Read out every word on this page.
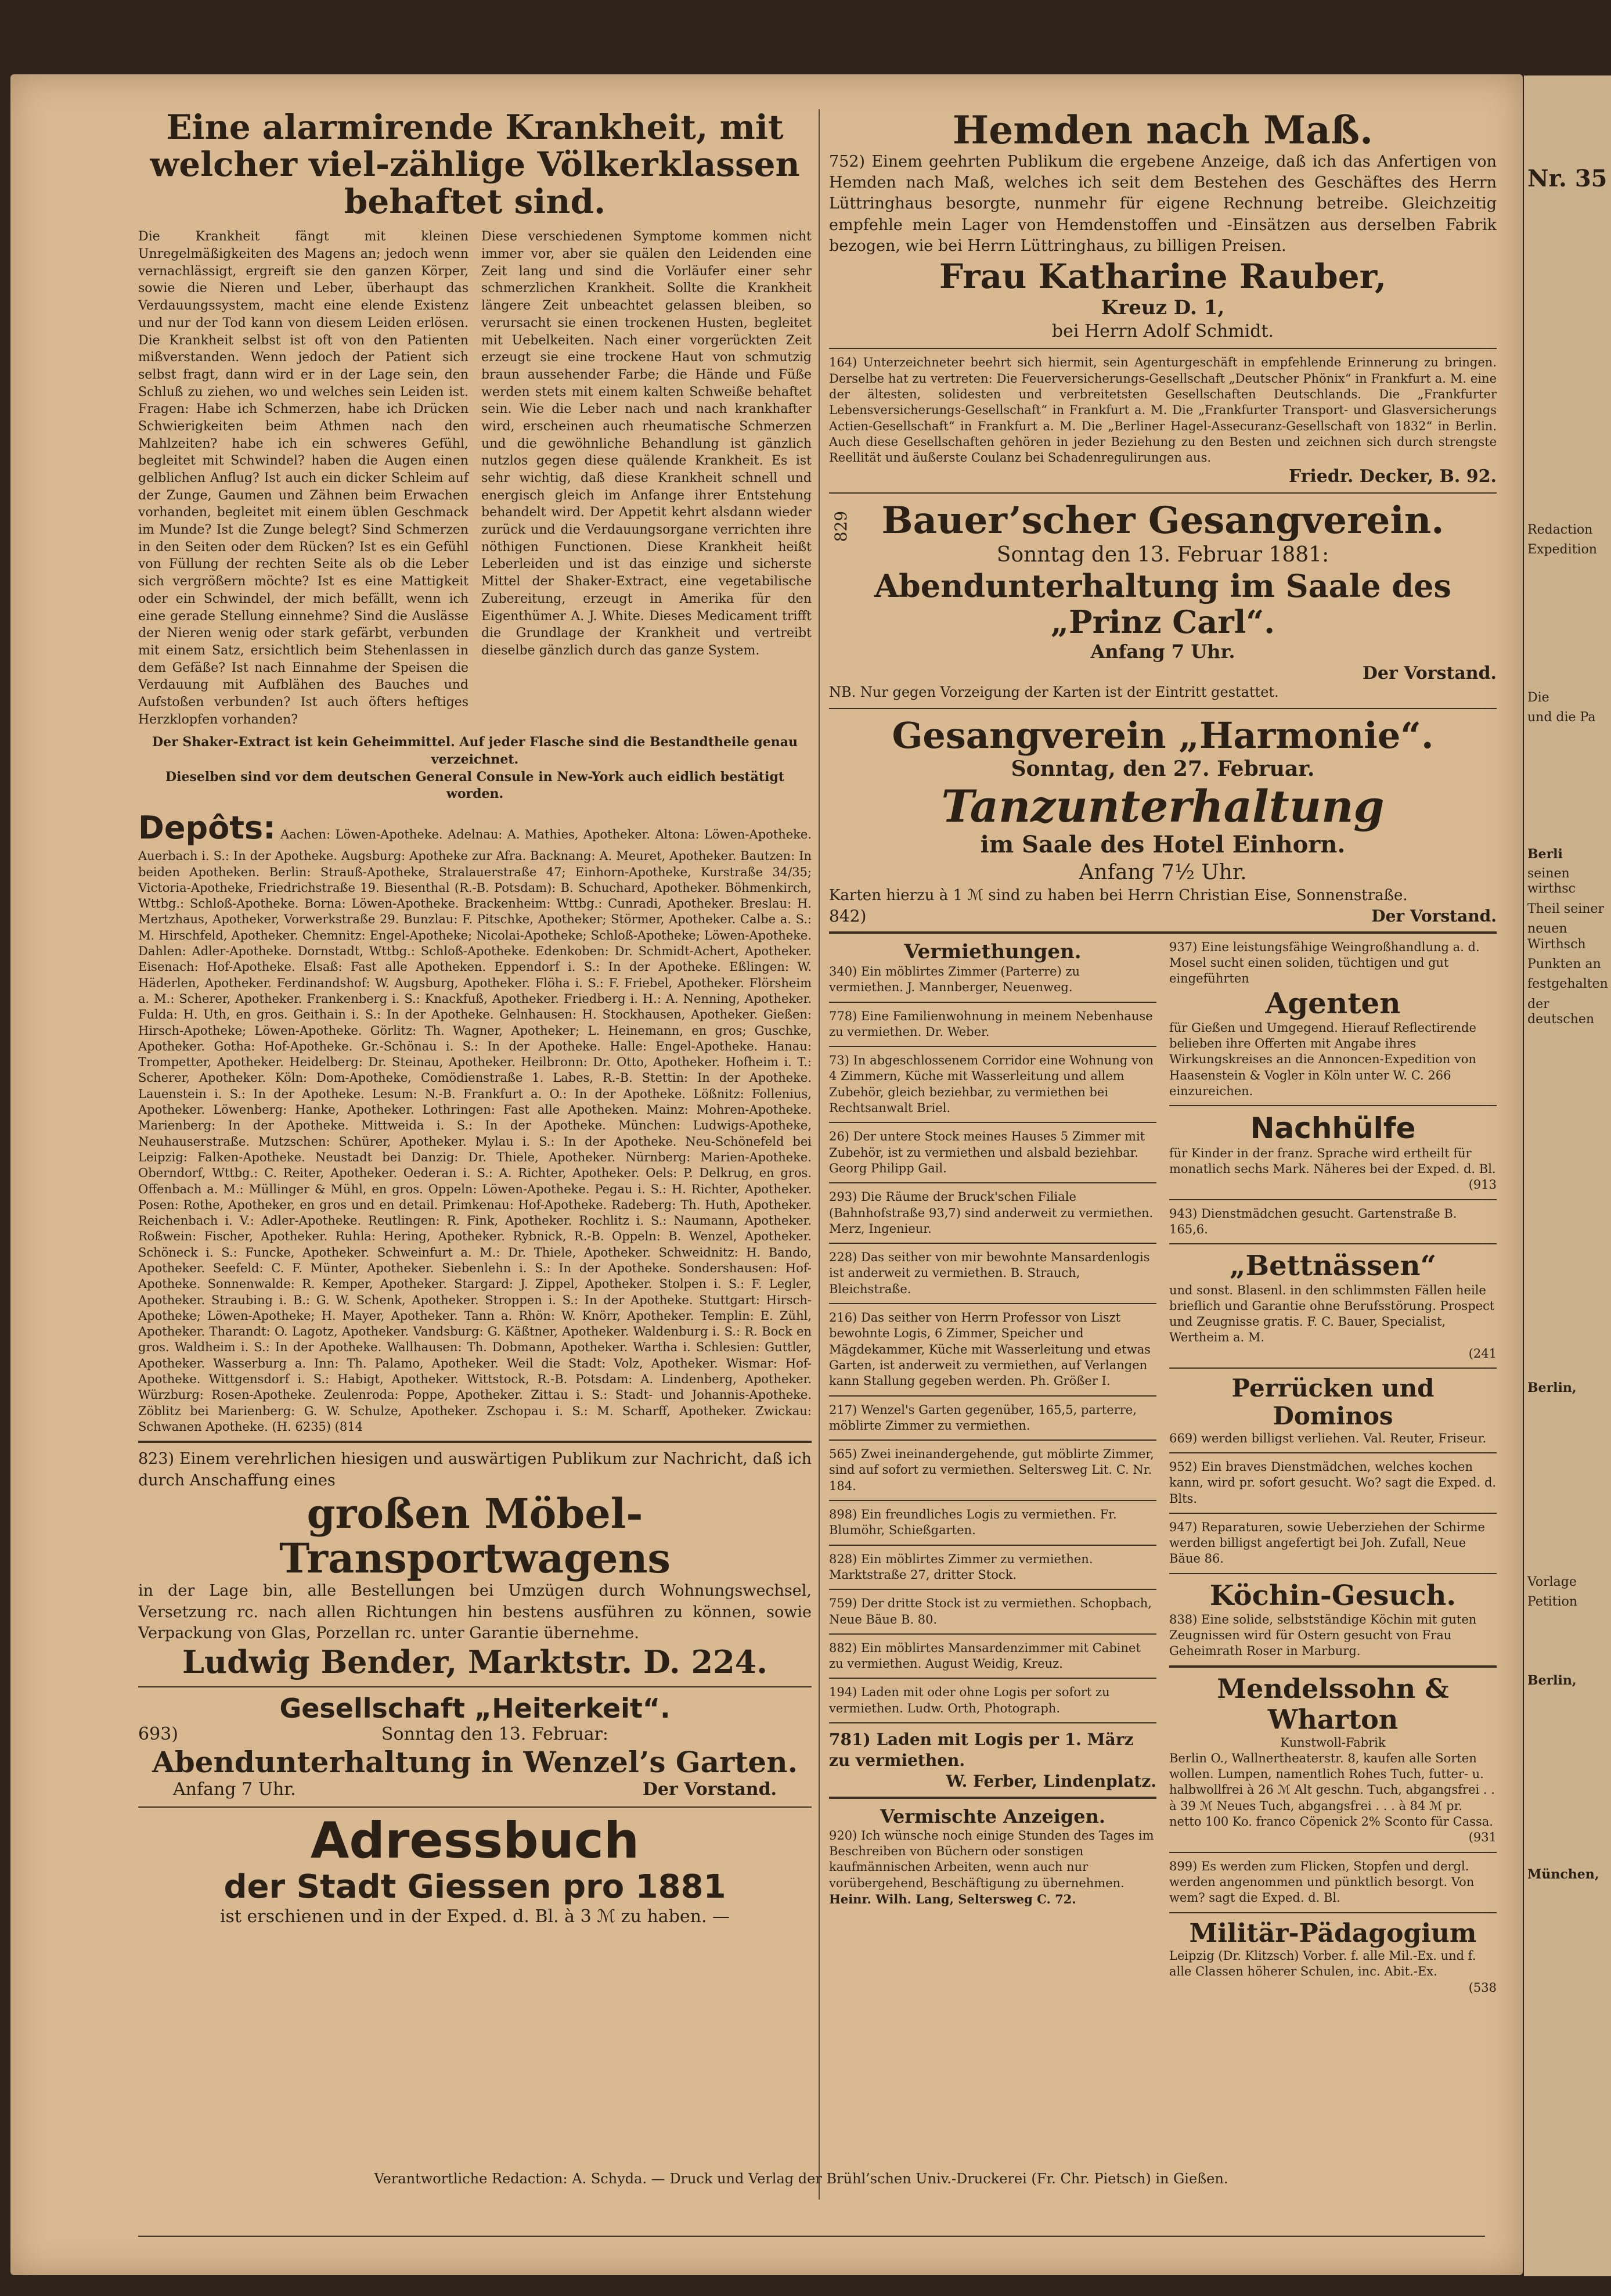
Eine alarmirende Krankheit, mit welcher viel-zählige Völkerklassen behaftet sind.
Die Krankheit fängt mit kleinen Unregelmäßigkeiten des Magens an; jedoch wenn vernachlässigt, ergreift sie den ganzen Körper, sowie die Nieren und Leber, überhaupt das Verdauungssystem, macht eine elende Existenz und nur der Tod kann von diesem Leiden erlösen. Die Krankheit selbst ist oft von den Patienten mißverstanden. Wenn jedoch der Patient sich selbst fragt, dann wird er in der Lage sein, den Schluß zu ziehen, wo und welches sein Leiden ist. Fragen: Habe ich Schmerzen, habe ich Drücken Schwierigkeiten beim Athmen nach den Mahlzeiten? habe ich ein schweres Gefühl, begleitet mit Schwindel? haben die Augen einen gelblichen Anflug? Ist auch ein dicker Schleim auf der Zunge, Gaumen und Zähnen beim Erwachen vorhanden, begleitet mit einem üblen Geschmack im Munde? Ist die Zunge belegt? Sind Schmerzen in den Seiten oder dem Rücken? Ist es ein Gefühl von Füllung der rechten Seite als ob die Leber sich vergrößern möchte? Ist es eine Mattigkeit oder ein Schwindel, der mich befällt, wenn ich eine gerade Stellung einnehme? Sind die Auslässe der Nieren wenig oder stark gefärbt, verbunden mit einem Satz, ersichtlich beim Stehenlassen in dem Gefäße? Ist nach Einnahme der Speisen die Verdauung mit Aufblähen des Bauches und Aufstoßen verbunden? Ist auch öfters heftiges Herzklopfen vorhanden?
Diese verschiedenen Symptome kommen nicht immer vor, aber sie quälen den Leidenden eine Zeit lang und sind die Vorläufer einer sehr schmerzlichen Krankheit. Sollte die Krankheit längere Zeit unbeachtet gelassen bleiben, so verursacht sie einen trockenen Husten, begleitet mit Uebelkeiten. Nach einer vorgerückten Zeit erzeugt sie eine trockene Haut von schmutzig braun aussehender Farbe; die Hände und Füße werden stets mit einem kalten Schweiße behaftet sein. Wie die Leber nach und nach krankhafter wird, erscheinen auch rheumatische Schmerzen und die gewöhnliche Behandlung ist gänzlich nutzlos gegen diese quälende Krankheit. Es ist sehr wichtig, daß diese Krankheit schnell und energisch gleich im Anfange ihrer Entstehung behandelt wird. Der Appetit kehrt alsdann wieder zurück und die Verdauungsorgane verrichten ihre nöthigen Functionen. Diese Krankheit heißt Leberleiden und ist das einzige und sicherste Mittel der Shaker-Extract, eine vegetabilische Zubereitung, erzeugt in Amerika für den Eigenthümer A. J. White. Dieses Medicament trifft die Grundlage der Krankheit und vertreibt dieselbe gänzlich durch das ganze System.
Der Shaker-Extract ist kein Geheimmittel. Auf jeder Flasche sind die Bestandtheile genau verzeichnet.
Dieselben sind vor dem deutschen General Consule in New-York auch eidlich bestätigt worden.
Depôts: Aachen: Löwen-Apotheke. Adelnau: A. Mathies, Apotheker. Altona: Löwen-Apotheke. Auerbach i. S.: In der Apotheke. Augsburg: Apotheke zur Afra. Backnang: A. Meuret, Apotheker. Bautzen: In beiden Apotheken. Berlin: Strauß-Apotheke, Stralauerstraße 47; Einhorn-Apotheke, Kurstraße 34/35; Victoria-Apotheke, Friedrichstraße 19. Biesenthal (R.-B. Potsdam): B. Schuchard, Apotheker. Böhmenkirch, Wttbg.: Schloß-Apotheke. Borna: Löwen-Apotheke. Brackenheim: Wttbg.: Cunradi, Apotheker. Breslau: H. Mertzhaus, Apotheker, Vorwerkstraße 29. Bunzlau: F. Pitschke, Apotheker; Störmer, Apotheker. Calbe a. S.: M. Hirschfeld, Apotheker. Chemnitz: Engel-Apotheke; Nicolai-Apotheke; Schloß-Apotheke; Löwen-Apotheke. Dahlen: Adler-Apotheke. Dornstadt, Wttbg.: Schloß-Apotheke. Edenkoben: Dr. Schmidt-Achert, Apotheker. Eisenach: Hof-Apotheke. Elsaß: Fast alle Apotheken. Eppendorf i. S.: In der Apotheke. Eßlingen: W. Häderlen, Apotheker. Ferdinandshof: W. Augsburg, Apotheker. Flöha i. S.: F. Friebel, Apotheker. Flörsheim a. M.: Scherer, Apotheker. Frankenberg i. S.: Knackfuß, Apotheker. Friedberg i. H.: A. Nenning, Apotheker. Fulda: H. Uth, en gros. Geithain i. S.: In der Apotheke. Gelnhausen: H. Stockhausen, Apotheker. Gießen: Hirsch-Apotheke; Löwen-Apotheke. Görlitz: Th. Wagner, Apotheker; L. Heinemann, en gros; Guschke, Apotheker. Gotha: Hof-Apotheke. Gr.-Schönau i. S.: In der Apotheke. Halle: Engel-Apotheke. Hanau: Trompetter, Apotheker. Heidelberg: Dr. Steinau, Apotheker. Heilbronn: Dr. Otto, Apotheker. Hofheim i. T.: Scherer, Apotheker. Köln: Dom-Apotheke, Comödienstraße 1. Labes, R.-B. Stettin: In der Apotheke. Lauenstein i. S.: In der Apotheke. Lesum: N.-B. Frankfurt a. O.: In der Apotheke. Lößnitz: Follenius, Apotheker. Löwenberg: Hanke, Apotheker. Lothringen: Fast alle Apotheken. Mainz: Mohren-Apotheke. Marienberg: In der Apotheke. Mittweida i. S.: In der Apotheke. München: Ludwigs-Apotheke, Neuhauserstraße. Mutzschen: Schürer, Apotheker. Mylau i. S.: In der Apotheke. Neu-Schönefeld bei Leipzig: Falken-Apotheke. Neustadt bei Danzig: Dr. Thiele, Apotheker. Nürnberg: Marien-Apotheke. Oberndorf, Wttbg.: C. Reiter, Apotheker. Oederan i. S.: A. Richter, Apotheker. Oels: P. Delkrug, en gros. Offenbach a. M.: Müllinger & Mühl, en gros. Oppeln: Löwen-Apotheke. Pegau i. S.: H. Richter, Apotheker. Posen: Rothe, Apotheker, en gros und en detail. Primkenau: Hof-Apotheke. Radeberg: Th. Huth, Apotheker. Reichenbach i. V.: Adler-Apotheke. Reutlingen: R. Fink, Apotheker. Rochlitz i. S.: Naumann, Apotheker. Roßwein: Fischer, Apotheker. Ruhla: Hering, Apotheker. Rybnick, R.-B. Oppeln: B. Wenzel, Apotheker. Schöneck i. S.: Funcke, Apotheker. Schweinfurt a. M.: Dr. Thiele, Apotheker. Schweidnitz: H. Bando, Apotheker. Seefeld: C. F. Münter, Apotheker. Siebenlehn i. S.: In der Apotheke. Sondershausen: Hof-Apotheke. Sonnenwalde: R. Kemper, Apotheker. Stargard: J. Zippel, Apotheker. Stolpen i. S.: F. Legler, Apotheker. Straubing i. B.: G. W. Schenk, Apotheker. Stroppen i. S.: In der Apotheke. Stuttgart: Hirsch-Apotheke; Löwen-Apotheke; H. Mayer, Apotheker. Tann a. Rhön: W. Knörr, Apotheker. Templin: E. Zühl, Apotheker. Tharandt: O. Lagotz, Apotheker. Vandsburg: G. Käßtner, Apotheker. Waldenburg i. S.: R. Bock en gros. Waldheim i. S.: In der Apotheke. Wallhausen: Th. Dobmann, Apotheker. Wartha i. Schlesien: Guttler, Apotheker. Wasserburg a. Inn: Th. Palamo, Apotheker. Weil die Stadt: Volz, Apotheker. Wismar: Hof-Apotheke. Wittgensdorf i. S.: Habigt, Apotheker. Wittstock, R.-B. Potsdam: A. Lindenberg, Apotheker. Würzburg: Rosen-Apotheke. Zeulenroda: Poppe, Apotheker. Zittau i. S.: Stadt- und Johannis-Apotheke. Zöblitz bei Marienberg: G. W. Schulze, Apotheker. Zschopau i. S.: M. Scharff, Apotheker. Zwickau: Schwanen Apotheke. (H. 6235) (814
823) Einem verehrlichen hiesigen und auswärtigen Publikum zur Nachricht, daß ich durch Anschaffung eines
großen Möbel-Transportwagens
in der Lage bin, alle Bestellungen bei Umzügen durch Wohnungswechsel, Versetzung rc. nach allen Richtungen hin bestens ausführen zu können, sowie Verpackung von Glas, Porzellan rc. unter Garantie übernehme.
Ludwig Bender, Marktstr. D. 224.
Gesellschaft „Heiterkeit“.
693)	Sonntag den 13. Februar:
Abendunterhaltung in Wenzel’s Garten.
Anfang 7 Uhr.	Der Vorstand.
Adressbuch
der Stadt Giessen pro 1881
ist erschienen und in der Exped. d. Bl. à 3 ℳ zu haben. —
Hemden nach Maß.
752) Einem geehrten Publikum die ergebene Anzeige, daß ich das Anfertigen von Hemden nach Maß, welches ich seit dem Bestehen des Geschäftes des Herrn Lüttringhaus besorgte, nunmehr für eigene Rechnung betreibe. Gleichzeitig empfehle mein Lager von Hemdenstoffen und -Einsätzen aus derselben Fabrik bezogen, wie bei Herrn Lüttringhaus, zu billigen Preisen.
Frau Katharine Rauber,
Kreuz D. 1,
bei Herrn Adolf Schmidt.
164) Unterzeichneter beehrt sich hiermit, sein Agenturgeschäft in empfehlende Erinnerung zu bringen. Derselbe hat zu vertreten: Die Feuerversicherungs-Gesellschaft „Deutscher Phönix“ in Frankfurt a. M. eine der ältesten, solidesten und verbreitetsten Gesellschaften Deutschlands. Die „Frankfurter Lebensversicherungs-Gesellschaft“ in Frankfurt a. M. Die „Frankfurter Transport- und Glasversicherungs Actien-Gesellschaft“ in Frankfurt a. M. Die „Berliner Hagel-Assecuranz-Gesellschaft von 1832“ in Berlin. Auch diese Gesellschaften gehören in jeder Beziehung zu den Besten und zeichnen sich durch strengste Reellität und äußerste Coulanz bei Schadenregulirungen aus.
Friedr. Decker, B. 92.
829 Bauer’scher Gesangverein.
Sonntag den 13. Februar 1881:
Abendunterhaltung im Saale des „Prinz Carl“.
Anfang 7 Uhr.
Der Vorstand.
NB. Nur gegen Vorzeigung der Karten ist der Eintritt gestattet.
Gesangverein „Harmonie“.
Sonntag, den 27. Februar.
Tanzunterhaltung
im Saale des Hotel Einhorn.
Anfang 7½ Uhr.
Karten hierzu à 1 ℳ sind zu haben bei Herrn Christian Eise, Sonnenstraße.
842)	Der Vorstand.
Vermiethungen.
340) Ein möblirtes Zimmer (Parterre) zu vermiethen. J. Mannberger, Neuenweg.
778) Eine Familienwohnung in meinem Nebenhause zu vermiethen. Dr. Weber.
73) In abgeschlossenem Corridor eine Wohnung von 4 Zimmern, Küche mit Wasserleitung und allem Zubehör, gleich beziehbar, zu vermiethen bei Rechtsanwalt Briel.
26) Der untere Stock meines Hauses 5 Zimmer mit Zubehör, ist zu vermiethen und alsbald beziehbar. Georg Philipp Gail.
293) Die Räume der Bruck'schen Filiale (Bahnhofstraße 93,7) sind anderweit zu vermiethen. Merz, Ingenieur.
228) Das seither von mir bewohnte Mansardenlogis ist anderweit zu vermiethen. B. Strauch, Bleichstraße.
216) Das seither von Herrn Professor von Liszt bewohnte Logis, 6 Zimmer, Speicher und Mägdekammer, Küche mit Wasserleitung und etwas Garten, ist anderweit zu vermiethen, auf Verlangen kann Stallung gegeben werden. Ph. Größer I.
217) Wenzel's Garten gegenüber, 165,5, parterre, möblirte Zimmer zu vermiethen.
565) Zwei ineinandergehende, gut möblirte Zimmer, sind auf sofort zu vermiethen. Seltersweg Lit. C. Nr. 184.
898) Ein freundliches Logis zu vermiethen. Fr. Blumöhr, Schießgarten.
828) Ein möblirtes Zimmer zu vermiethen. Marktstraße 27, dritter Stock.
759) Der dritte Stock ist zu vermiethen. Schopbach, Neue Bäue B. 80.
882) Ein möblirtes Mansardenzimmer mit Cabinet zu vermiethen. August Weidig, Kreuz.
194) Laden mit oder ohne Logis per sofort zu vermiethen. Ludw. Orth, Photograph.
781) Laden mit Logis per 1. März zu vermiethen.
W. Ferber, Lindenplatz.
Vermischte Anzeigen.
920) Ich wünsche noch einige Stunden des Tages im Beschreiben von Büchern oder sonstigen kaufmännischen Arbeiten, wenn auch nur vorübergehend, Beschäftigung zu übernehmen.
Heinr. Wilh. Lang, Seltersweg C. 72.
937) Eine leistungsfähige Weingroßhandlung a. d. Mosel sucht einen soliden, tüchtigen und gut eingeführten
Agenten
für Gießen und Umgegend. Hierauf Reflectirende belieben ihre Offerten mit Angabe ihres Wirkungskreises an die Annoncen-Expedition von Haasenstein & Vogler in Köln unter W. C. 266 einzureichen.
Nachhülfe
für Kinder in der franz. Sprache wird ertheilt für monatlich sechs Mark. Näheres bei der Exped. d. Bl.
(913
943) Dienstmädchen gesucht. Gartenstraße B. 165,6.
„Bettnässen“
und sonst. Blasenl. in den schlimmsten Fällen heile brieflich und Garantie ohne Berufsstörung. Prospect und Zeugnisse gratis. F. C. Bauer, Specialist, Wertheim a. M.
(241
Perrücken und Dominos
669) werden billigst verliehen. Val. Reuter, Friseur.
952) Ein braves Dienstmädchen, welches kochen kann, wird pr. sofort gesucht. Wo? sagt die Exped. d. Blts.
947) Reparaturen, sowie Ueberziehen der Schirme werden billigst angefertigt bei Joh. Zufall, Neue Bäue 86.
Köchin-Gesuch.
838) Eine solide, selbstständige Köchin mit guten Zeugnissen wird für Ostern gesucht von Frau Geheimrath Roser in Marburg.
Mendelssohn & Wharton
Kunstwoll-Fabrik
Berlin O., Wallnertheaterstr. 8, kaufen alle Sorten wollen. Lumpen, namentlich Rohes Tuch, futter- u. halbwollfrei à 26 ℳ Alt geschn. Tuch, abgangsfrei . . à 39 ℳ Neues Tuch, abgangsfrei . . . à 84 ℳ pr. netto 100 Ko. franco Cöpenick 2% Sconto für Cassa.
(931
899) Es werden zum Flicken, Stopfen und dergl. werden angenommen und pünktlich besorgt. Von wem? sagt die Exped. d. Bl.
Militär-Pädagogium
Leipzig (Dr. Klitzsch) Vorber. f. alle Mil.-Ex. und f. alle Classen höherer Schulen, inc. Abit.-Ex.
(538
Verantwortliche Redaction: A. Schyda. — Druck und Verlag der Brühl’schen Univ.-Druckerei (Fr. Chr. Pietsch) in Gießen.
Nr. 35
Redaction
Expedition
Die
und die Pa
Berli
seinen wirthsc
Theil seiner
neuen Wirthsch
Punkten an
festgehalten
der deutschen
Berlin,
Vorlage
Petition
Berlin,
München,
